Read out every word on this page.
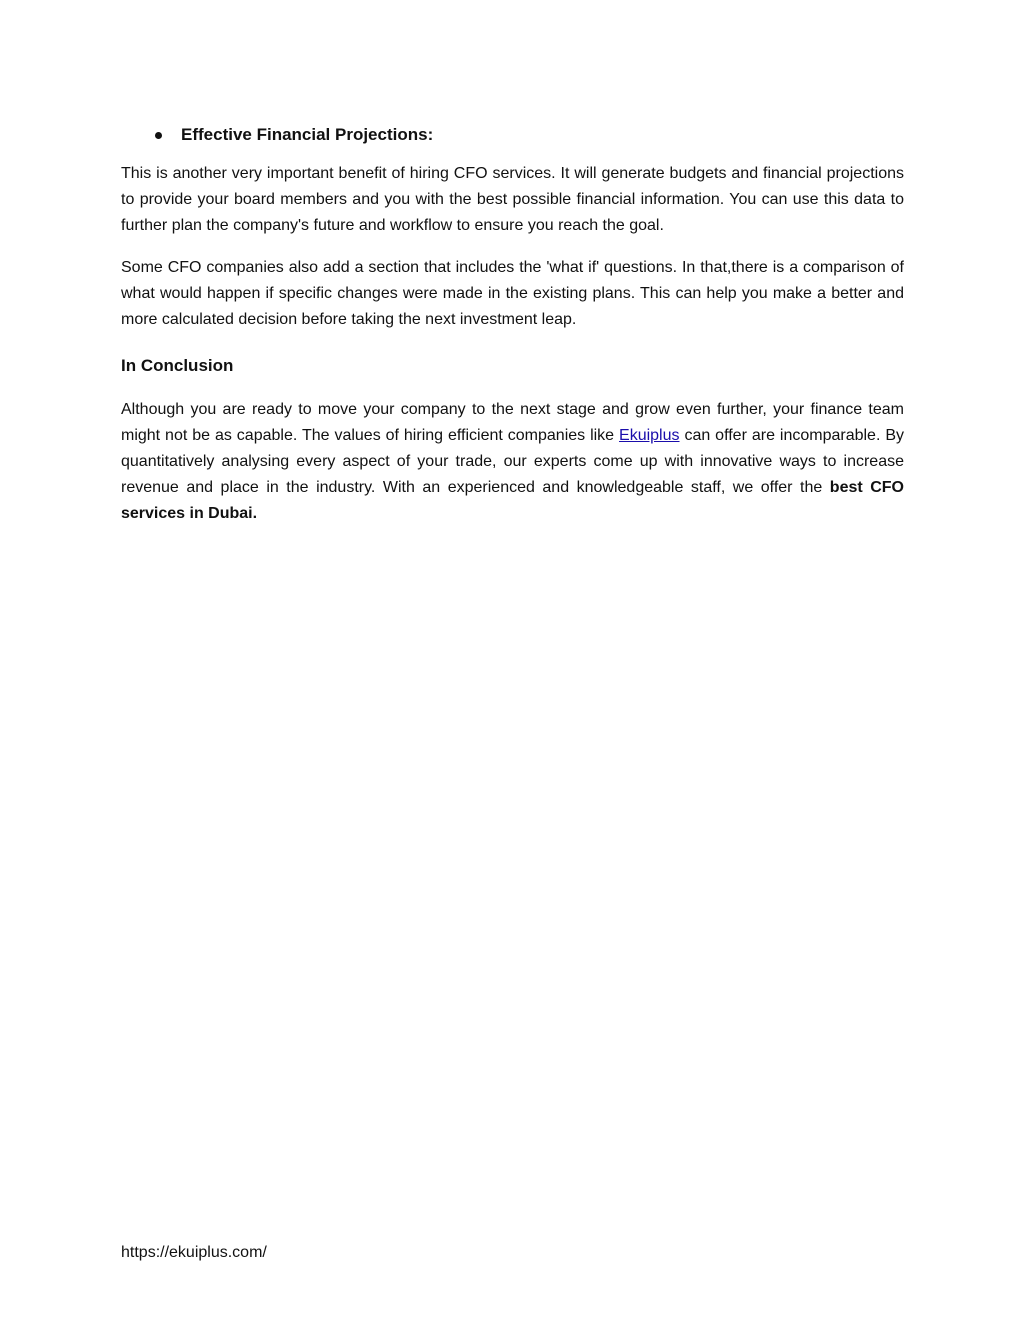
Effective Financial Projections:

This is another very important benefit of hiring CFO services. It will generate budgets and financial projections to provide your board members and you with the best possible financial information. You can use this data to further plan the company's future and workflow to ensure you reach the goal.

Some CFO companies also add a section that includes the 'what if' questions. In that,there is a comparison of what would happen if specific changes were made in the existing plans. This can help you make a better and more calculated decision before taking the next investment leap.

In Conclusion

Although you are ready to move your company to the next stage and grow even further, your finance team might not be as capable. The values of hiring efficient companies like Ekuiplus can offer are incomparable. By quantitatively analysing every aspect of your trade, our experts come up with innovative ways to increase revenue and place in the industry. With an experienced and knowledgeable staff, we offer the best CFO services in Dubai.

https://ekuiplus.com/
